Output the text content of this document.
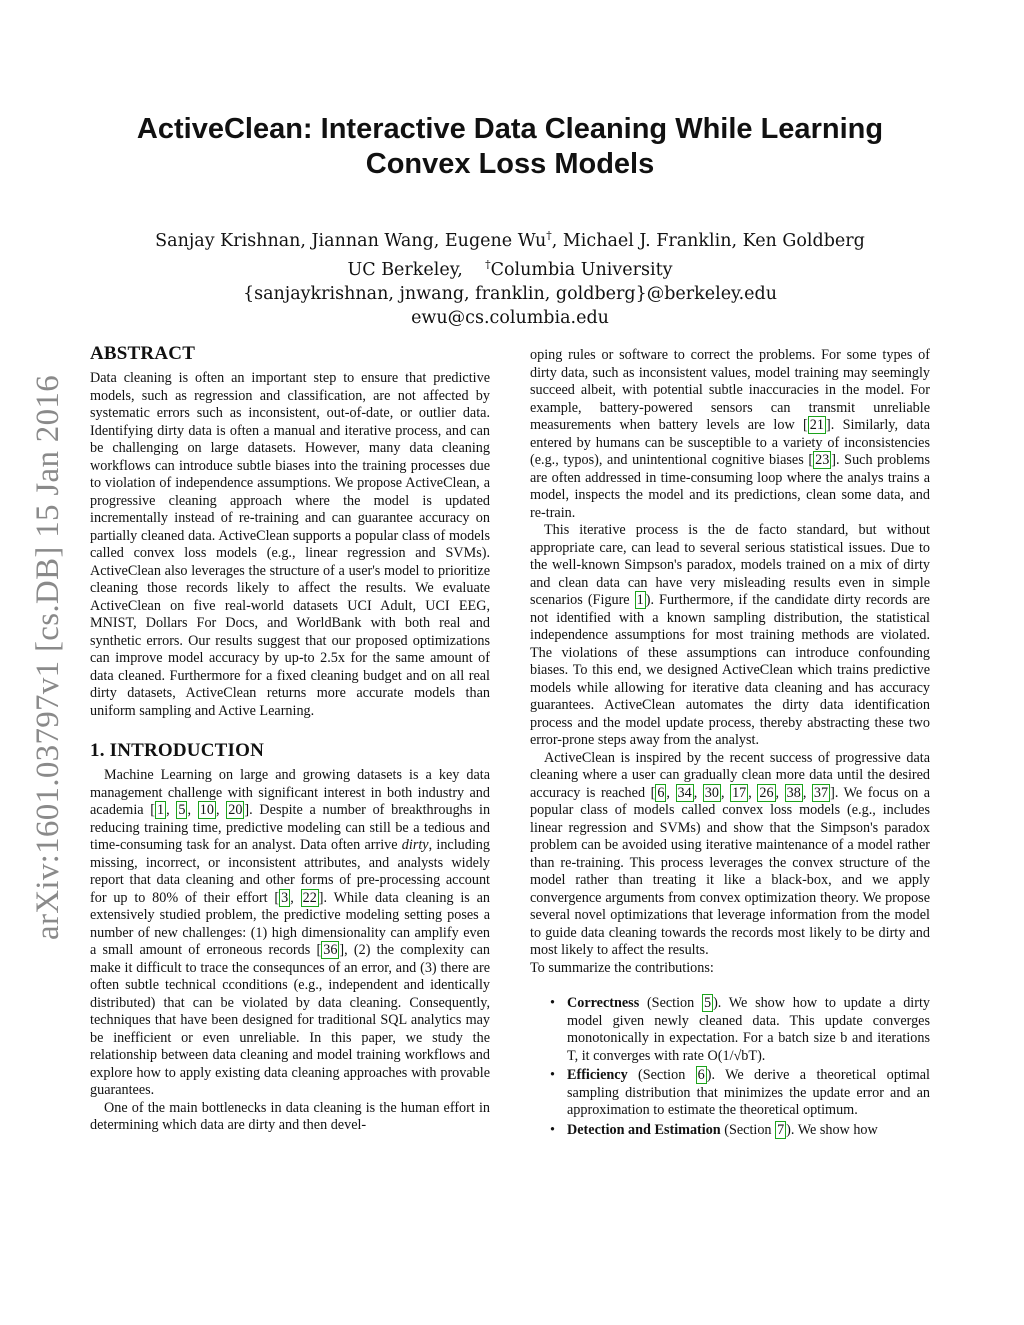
arXiv:1601.03797v1 [cs.DB] 15 Jan 2016
ActiveClean: Interactive Data Cleaning While Learning Convex Loss Models
Sanjay Krishnan, Jiannan Wang, Eugene Wu†, Michael J. Franklin, Ken Goldberg
UC Berkeley, †Columbia University
{sanjaykrishnan, jnwang, franklin, goldberg}@berkeley.edu
ewu@cs.columbia.edu
ABSTRACT

Data cleaning is often an important step to ensure that predictive models, such as regression and classification, are not affected by systematic errors such as inconsistent, out-of-date, or outlier data. Identifying dirty data is often a manual and iterative process, and can be challenging on large datasets. However, many data cleaning workflows can introduce subtle biases into the training processes due to violation of independence assumptions. We propose ActiveClean, a progressive cleaning approach where the model is updated incrementally instead of re-training and can guarantee accuracy on partially cleaned data. ActiveClean supports a popular class of models called convex loss models (e.g., linear regression and SVMs). ActiveClean also leverages the structure of a user's model to prioritize cleaning those records likely to affect the results. We evaluate ActiveClean on five real-world datasets UCI Adult, UCI EEG, MNIST, Dollars For Docs, and WorldBank with both real and synthetic errors. Our results suggest that our proposed optimizations can improve model accuracy by up-to 2.5x for the same amount of data cleaned. Furthermore for a fixed cleaning budget and on all real dirty datasets, ActiveClean returns more accurate models than uniform sampling and Active Learning.

1. INTRODUCTION

Machine Learning on large and growing datasets is a key data management challenge with significant interest in both industry and academia [ 1 , 5 , 10 , 20 ]. Despite a number of breakthroughs in reducing training time, predictive modeling can still be a tedious and time-consuming task for an analyst. Data often arrive dirty, including missing, incorrect, or inconsistent attributes, and analysts widely report that data cleaning and other forms of pre-processing account for up to 80% of their effort [ 3 , 22 ]. While data cleaning is an extensively studied problem, the predictive modeling setting poses a number of new challenges: (1) high dimensionality can amplify even a small amount of erroneous records [ 36 ], (2) the complexity can make it difficult to trace the consequnces of an error, and (3) there are often subtle technical cconditions (e.g., independent and identically distributed) that can be violated by data cleaning. Consequently, techniques that have been designed for traditional SQL analytics may be inefficient or even unreliable. In this paper, we study the relationship between data cleaning and model training workflows and explore how to apply existing data cleaning approaches with provable guarantees.

One of the main bottlenecks in data cleaning is the human effort in determining which data are dirty and then devel-

oping rules or software to correct the problems. For some types of dirty data, such as inconsistent values, model training may seemingly succeed albeit, with potential subtle inaccuracies in the model. For example, battery-powered sensors can transmit unreliable measurements when battery levels are low [ 21 ]. Similarly, data entered by humans can be susceptible to a variety of inconsistencies (e.g., typos), and unintentional cognitive biases [ 23 ]. Such problems are often addressed in time-consuming loop where the analys trains a model, inspects the model and its predictions, clean some data, and re-train.

This iterative process is the de facto standard, but without appropriate care, can lead to several serious statistical issues. Due to the well-known Simpson's paradox, models trained on a mix of dirty and clean data can have very misleading results even in simple scenarios (Figure 1 ). Furthermore, if the candidate dirty records are not identified with a known sampling distribution, the statistical independence assumptions for most training methods are violated. The violations of these assumptions can introduce confounding biases. To this end, we designed ActiveClean which trains predictive models while allowing for iterative data cleaning and has accuracy guarantees. ActiveClean automates the dirty data identification process and the model update process, thereby abstracting these two error-prone steps away from the analyst.

ActiveClean is inspired by the recent success of progressive data cleaning where a user can gradually clean more data until the desired accuracy is reached [ 6 , 34 , 30 , 17 , 26 , 38 , 37 ]. We focus on a popular class of models called convex loss models (e.g., includes linear regression and SVMs) and show that the Simpson's paradox problem can be avoided using iterative maintenance of a model rather than re-training. This process leverages the convex structure of the model rather than treating it like a black-box, and we apply convergence arguments from convex optimization theory. We propose several novel optimizations that leverage information from the model to guide data cleaning towards the records most likely to be dirty and most likely to affect the results.

To summarize the contributions:

• Correctness (Section 5 ). We show how to update a dirty model given newly cleaned data. This update converges monotonically in expectation. For a batch size b and iterations T, it converges with rate O(1/√bT).
• Efficiency (Section 6 ). We derive a theoretical optimal sampling distribution that minimizes the update error and an approximation to estimate the theoretical optimum.
• Detection and Estimation (Section 7 ). We show how
